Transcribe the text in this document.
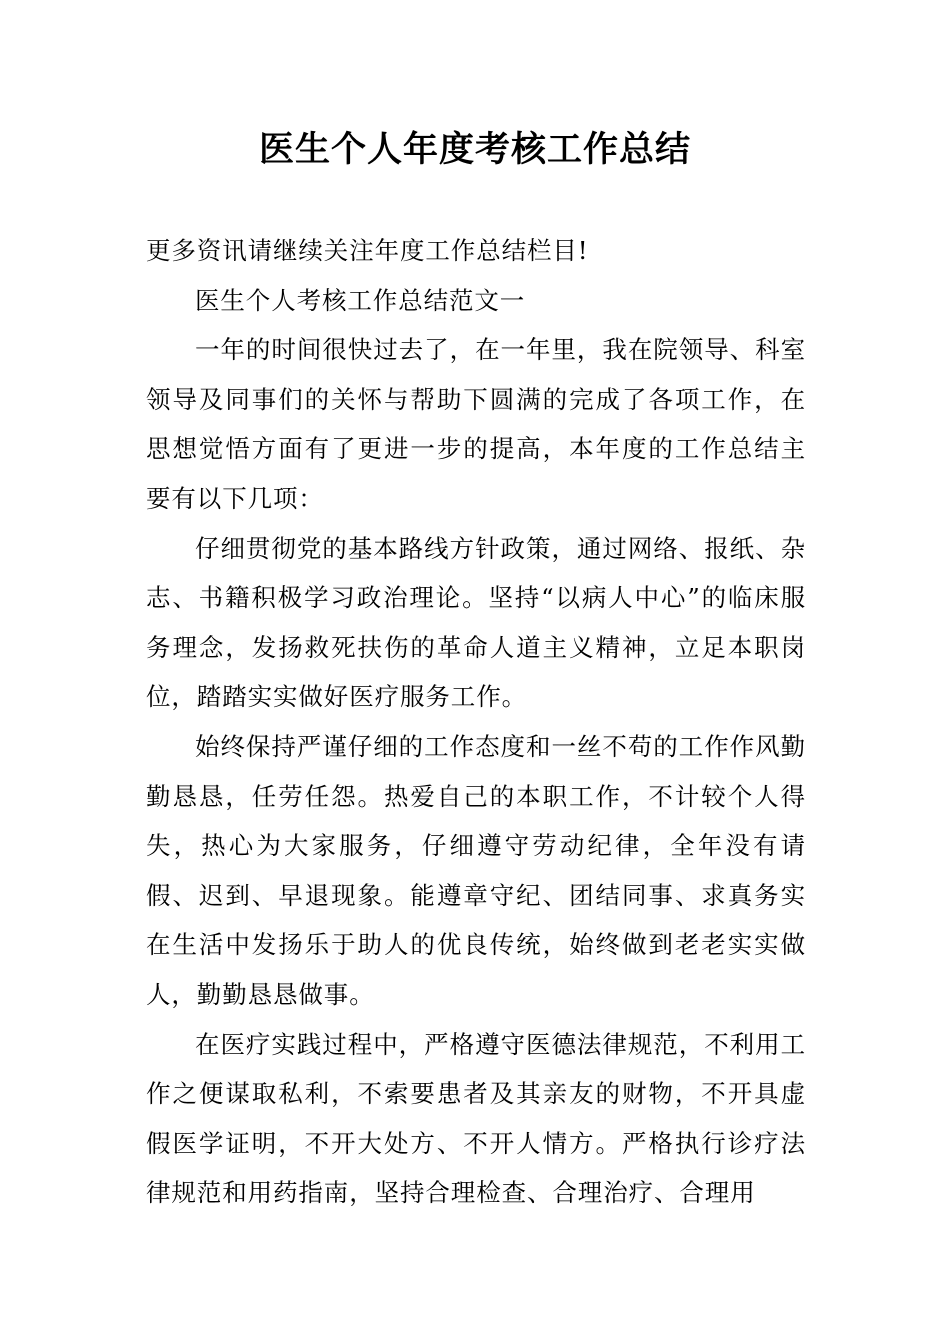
医生个人年度考核工作总结

更多资讯请继续关注年度工作总结栏目!

医生个人考核工作总结范文一

一年的时间很快过去了，在一年里，我在院领导、科室领导及同事们的关怀与帮助下圆满的完成了各项工作，在思想觉悟方面有了更进一步的提高，本年度的工作总结主要有以下几项：

仔细贯彻党的基本路线方针政策，通过网络、报纸、杂志、书籍积极学习政治理论。坚持“以病人中心”的临床服务理念，发扬救死扶伤的革命人道主义精神，立足本职岗位，踏踏实实做好医疗服务工作。

始终保持严谨仔细的工作态度和一丝不苟的工作作风勤勤恳恳，任劳任怨。热爱自己的本职工作，不计较个人得失，热心为大家服务，仔细遵守劳动纪律，全年没有请假、迟到、早退现象。能遵章守纪、团结同事、求真务实在生活中发扬乐于助人的优良传统，始终做到老老实实做人，勤勤恳恳做事。

在医疗实践过程中，严格遵守医德法律规范，不利用工作之便谋取私利，不索要患者及其亲友的财物，不开具虚假医学证明，不开大处方、不开人情方。严格执行诊疗法律规范和用药指南，坚持合理检查、合理治疗、合理用
